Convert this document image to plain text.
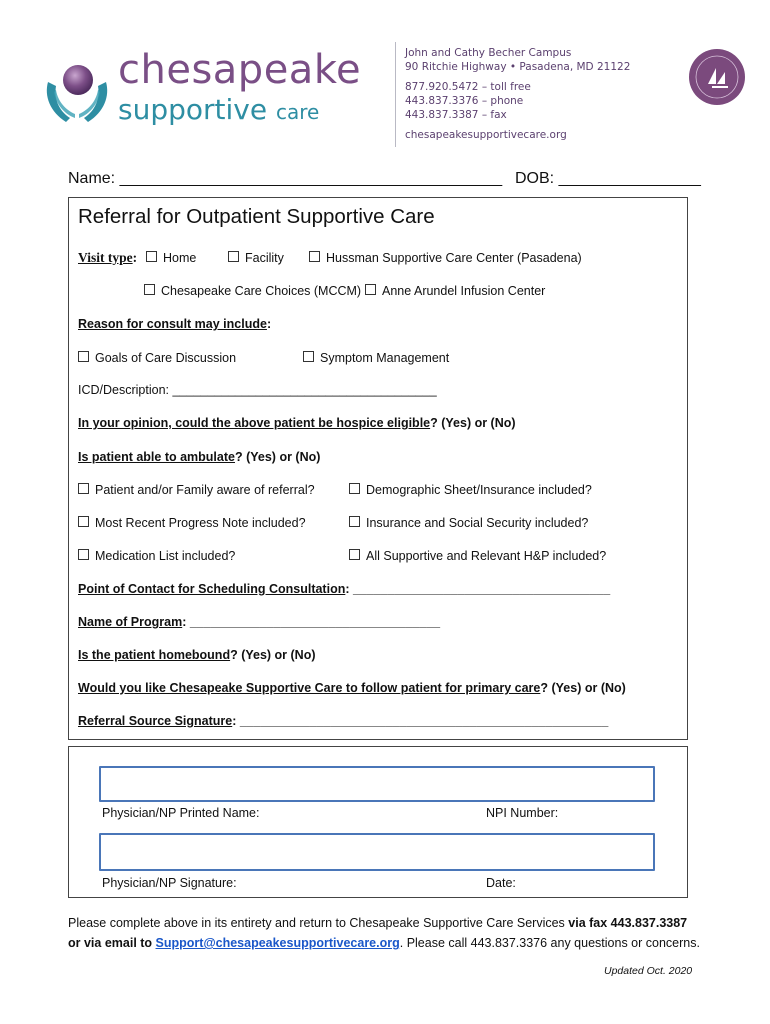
chesapeake
supportive care
John and Cathy Becher Campus
90 Ritchie Highway • Pasadena, MD 21122
877.920.5472 – toll free
443.837.3376 – phone
443.837.3387 – fax
chesapeakesupportivecare.org
Name: ___________________________________________ DOB: ________________
Referral for Outpatient Supportive Care
Visit type:	Home	Facility	Hussman Supportive Care Center (Pasadena)
Chesapeake Care Choices (MCCM)	Anne Arundel Infusion Center
Reason for consult may include:
Goals of Care Discussion	Symptom Management
ICD/Description: ______________________________________
In your opinion, could the above patient be hospice eligible? (Yes) or (No)
Is patient able to ambulate? (Yes) or (No)
Patient and/or Family aware of referral?	Demographic Sheet/Insurance included?
Most Recent Progress Note included?	Insurance and Social Security included?
Medication List included?	All Supportive and Relevant H&P included?
Point of Contact for Scheduling Consultation: _____________________________________
Name of Program: ____________________________________
Is the patient homebound? (Yes) or (No)
Would you like Chesapeake Supportive Care to follow patient for primary care? (Yes) or (No)
Referral Source Signature: _____________________________________________________
Physician/NP Printed Name:	NPI Number:
Physician/NP Signature:	Date:
Please complete above in its entirety and return to Chesapeake Supportive Care Services via fax 443.837.3387
or via email to Support@chesapeakesupportivecare.org. Please call 443.837.3376 any questions or concerns.
Updated Oct. 2020
